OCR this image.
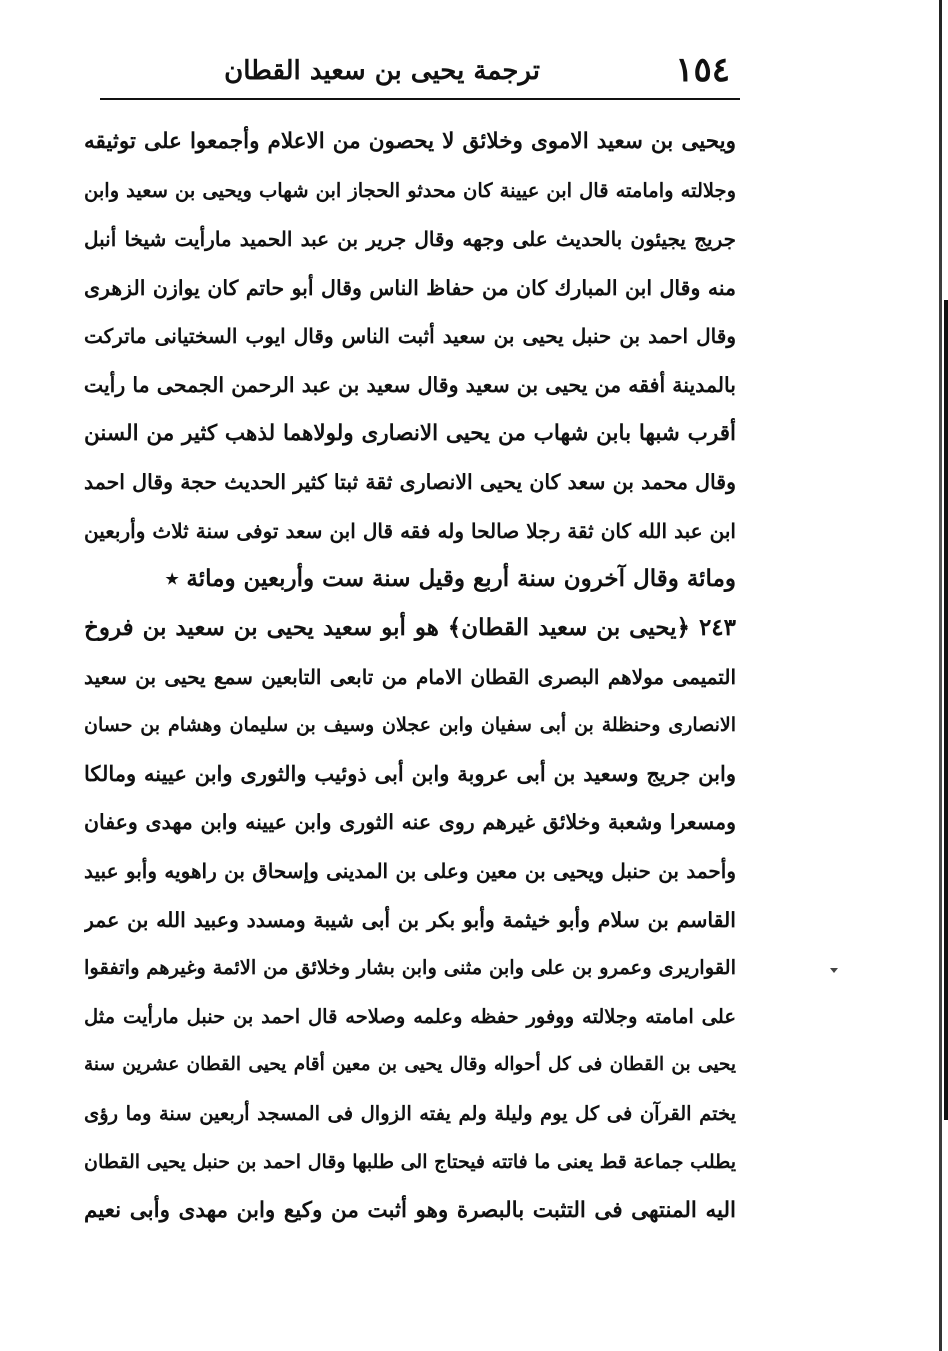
١٥٤
ترجمة يحيى بن سعيد القطان
ويحيى بن سعيد الاموى وخلائق لا يحصون من الاعلام وأجمعوا على توثيقه
وجلالته وامامته قال ابن عيينة كان محدثو الحجاز ابن شهاب ويحيى بن سعيد وابن
جريج يجيئون بالحديث على وجهه وقال جرير بن عبد الحميد مارأيت شيخا أنبل
منه وقال ابن المبارك كان من حفاظ الناس وقال أبو حاتم كان يوازن الزهرى
وقال احمد بن حنبل يحيى بن سعيد أثبت الناس وقال ايوب السختيانى ماتركت
بالمدينة أفقه من يحيى بن سعيد وقال سعيد بن عبد الرحمن الجمحى ما رأيت
أقرب شبها بابن شهاب من يحيى الانصارى ولولاهما لذهب كثير من السنن
وقال محمد بن سعد كان يحيى الانصارى ثقة ثبتا كثير الحديث حجة وقال احمد
ابن عبد الله كان ثقة رجلا صالحا وله فقه قال ابن سعد توفى سنة ثلاث وأربعين
ومائة وقال آخرون سنة أربع وقيل سنة ست وأربعين ومائة ٭
٢٤٣ ﴿يحيى بن سعيد القطان﴾ هو أبو سعيد يحيى بن سعيد بن فروخ
التميمى مولاهم البصرى القطان الامام من تابعى التابعين سمع يحيى بن سعيد
الانصارى وحنظلة بن أبى سفيان وابن عجلان وسيف بن سليمان وهشام بن حسان
وابن جريج وسعيد بن أبى عروبة وابن أبى ذوئيب والثورى وابن عيينه ومالكا
ومسعرا وشعبة وخلائق غيرهم روى عنه الثورى وابن عيينه وابن مهدى وعفان
وأحمد بن حنبل ويحيى بن معين وعلى بن المدينى وإسحاق بن راهويه وأبو عبيد
القاسم بن سلام وأبو خيثمة وأبو بكر بن أبى شيبة ومسدد وعبيد الله بن عمر
القواريرى وعمرو بن على وابن مثنى وابن بشار وخلائق من الائمة وغيرهم واتفقوا
على امامته وجلالته ووفور حفظه وعلمه وصلاحه قال احمد بن حنبل مارأيت مثل
يحيى بن القطان فى كل أحواله وقال يحيى بن معين أقام يحيى القطان عشرين سنة
يختم القرآن فى كل يوم وليلة ولم يفته الزوال فى المسجد أربعين سنة وما رؤى
يطلب جماعة قط يعنى ما فاتته فيحتاج الى طلبها وقال احمد بن حنبل يحيى القطان
اليه المنتهى فى التثبت بالبصرة وهو أثبت من وكيع وابن مهدى وأبى نعيم
